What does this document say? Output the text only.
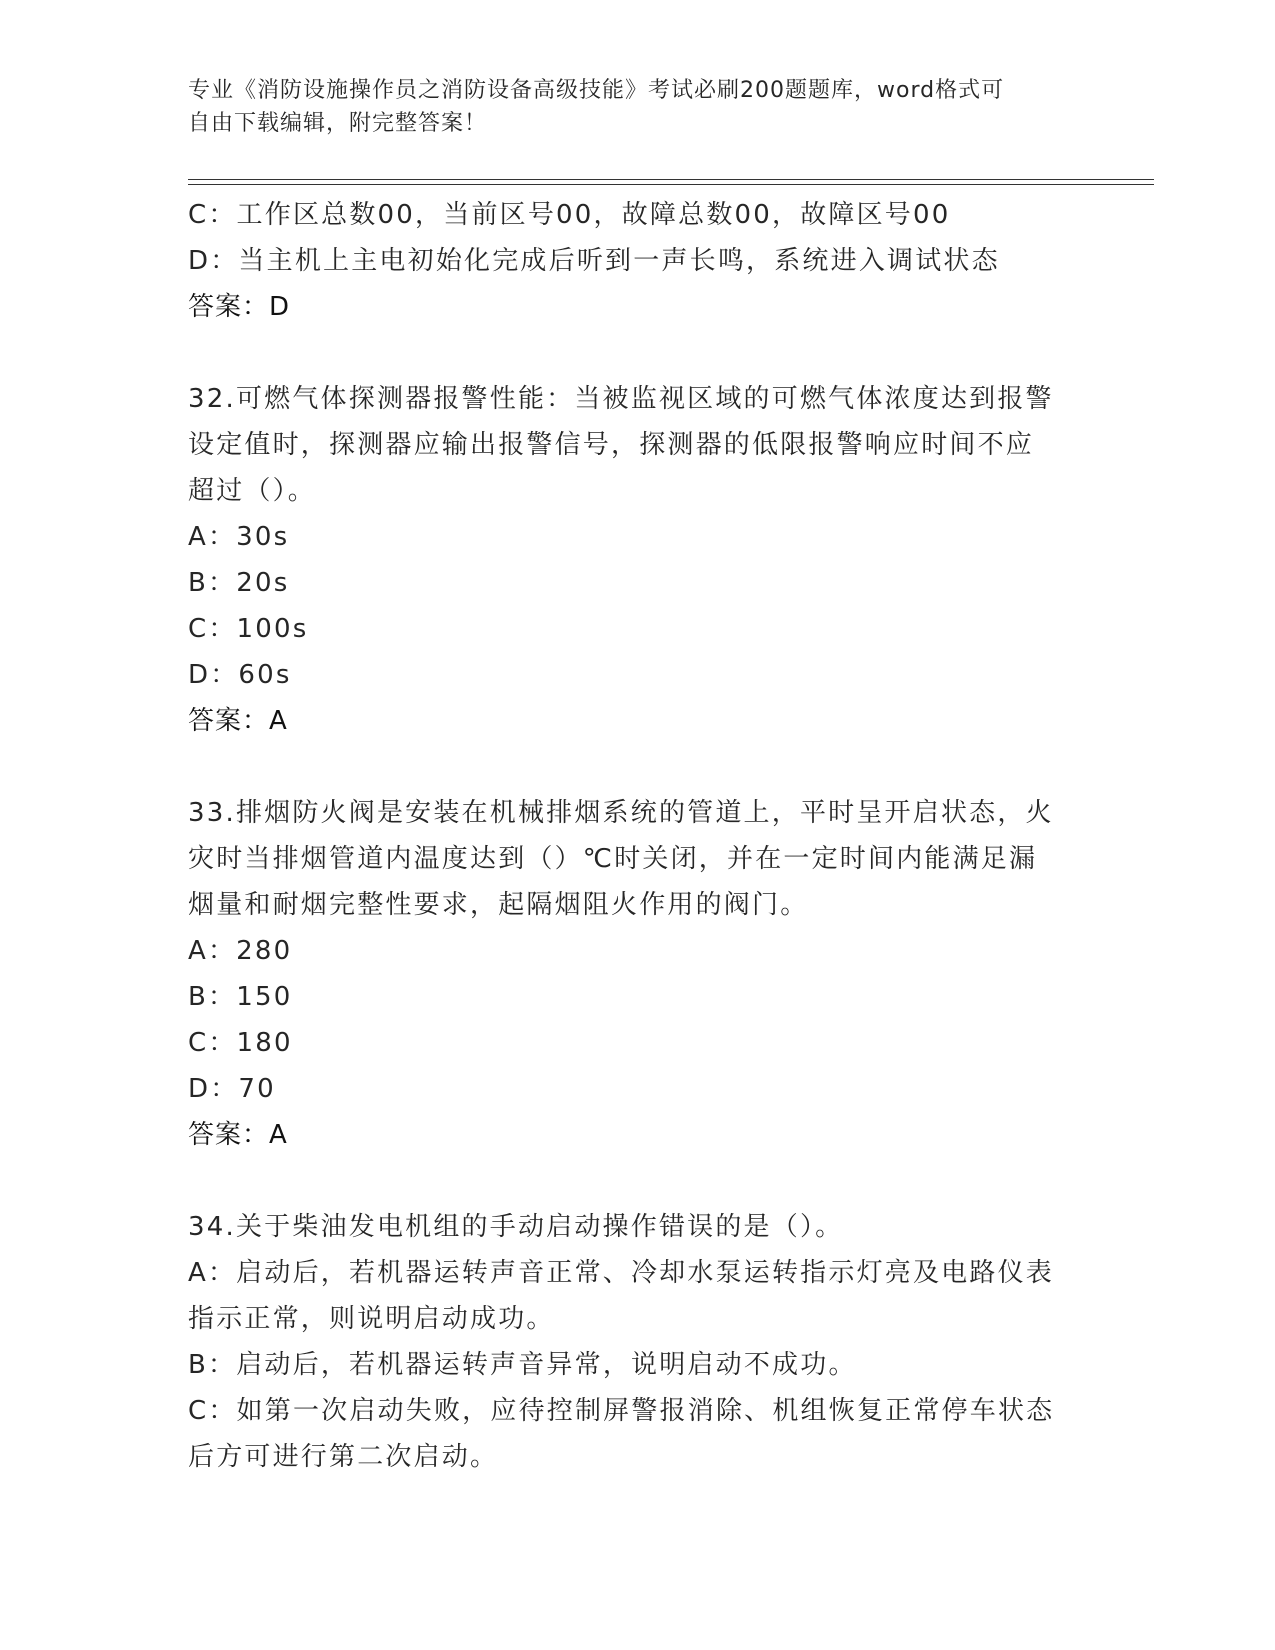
专业《消防设施操作员之消防设备高级技能》考试必刷200题题库，word格式可
自由下载编辑，附完整答案！
C：工作区总数00，当前区号00，故障总数00，故障区号00
D：当主机上主电初始化完成后听到一声长鸣，系统进入调试状态
答案：D
32.可燃气体探测器报警性能：当被监视区域的可燃气体浓度达到报警
设定值时，探测器应输出报警信号，探测器的低限报警响应时间不应
超过（）。
A：30s
B：20s
C：100s
D：60s
答案：A
33.排烟防火阀是安装在机械排烟系统的管道上，平时呈开启状态，火
灾时当排烟管道内温度达到（）℃时关闭，并在一定时间内能满足漏
烟量和耐烟完整性要求，起隔烟阻火作用的阀门。
A：280
B：150
C：180
D：70
答案：A
34.关于柴油发电机组的手动启动操作错误的是（）。
A：启动后，若机器运转声音正常、冷却水泵运转指示灯亮及电路仪表
指示正常，则说明启动成功。
B：启动后，若机器运转声音异常，说明启动不成功。
C：如第一次启动失败，应待控制屏警报消除、机组恢复正常停车状态
后方可进行第二次启动。
